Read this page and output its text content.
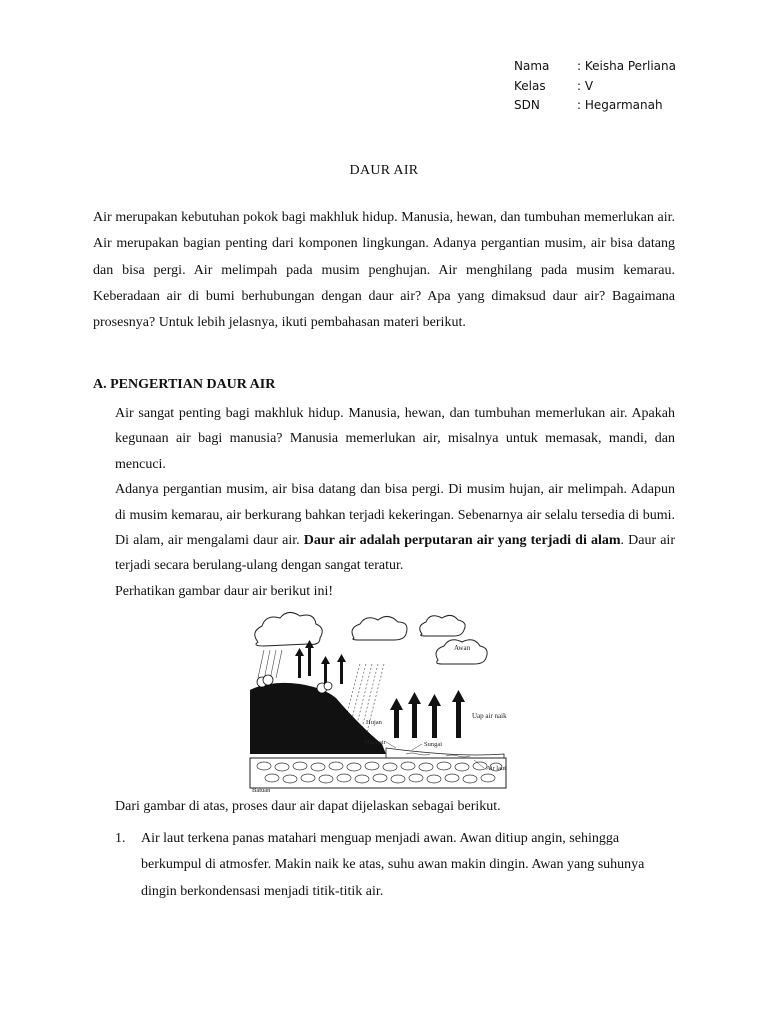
Nama	: Keisha Perliana
Kelas	: V
SDN	: Hegarmanah
DAUR AIR

Air merupakan kebutuhan pokok bagi makhluk hidup. Manusia, hewan, dan tumbuhan memerlukan air. Air merupakan bagian penting dari komponen lingkungan. Adanya pergantian musim, air bisa datang dan bisa pergi. Air melimpah pada musim penghujan. Air menghilang pada musim kemarau. Keberadaan air di bumi berhubungan dengan daur air? Apa yang dimaksud daur air? Bagaimana prosesnya? Untuk lebih jelasnya, ikuti pembahasan materi berikut.

A. PENGERTIAN DAUR AIR

Air sangat penting bagi makhluk hidup. Manusia, hewan, dan tumbuhan memerlukan air. Apakah kegunaan air bagi manusia? Manusia memerlukan air, misalnya untuk memasak, mandi, dan mencuci.

Adanya pergantian musim, air bisa datang dan bisa pergi. Di musim hujan, air melimpah. Adapun di musim kemarau, air berkurang bahkan terjadi kekeringan. Sebenarnya air selalu tersedia di bumi. Di alam, air mengalami daur air. Daur air adalah perputaran air yang terjadi di alam. Daur air terjadi secara berulang-ulang dengan sangat teratur.

Perhatikan gambar daur air berikut ini!

Awan
Uap air naik
Hujan
Mata air	Sungai
Air laut
Batuan

Dari gambar di atas, proses daur air dapat dijelaskan sebagai berikut.

1.	Air laut terkena panas matahari menguap menjadi awan. Awan ditiup angin, sehingga berkumpul di atmosfer. Makin naik ke atas, suhu awan makin dingin. Awan yang suhunya dingin berkondensasi menjadi titik-titik air.
